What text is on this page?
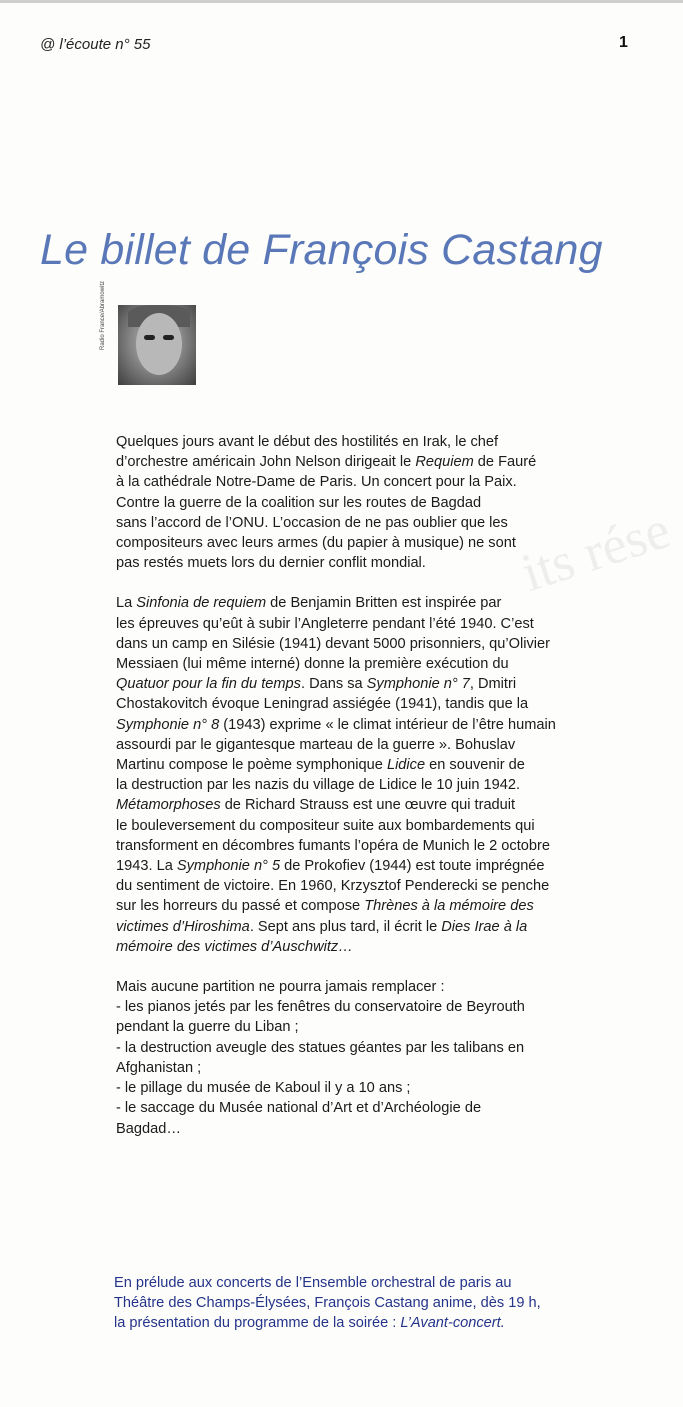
@ l’écoute n° 55	1
its rése
Le billet de François Castang
Radio France/Abramowitz

Quelques jours avant le début des hostilités en Irak, le chef
d’orchestre américain John Nelson dirigeait le Requiem de Fauré
à la cathédrale Notre-Dame de Paris. Un concert pour la Paix.
Contre la guerre de la coalition sur les routes de Bagdad
sans l’accord de l’ONU. L’occasion de ne pas oublier que les
compositeurs avec leurs armes (du papier à musique) ne sont
pas restés muets lors du dernier conflit mondial.

La Sinfonia de requiem de Benjamin Britten est inspirée par
les épreuves qu’eût à subir l’Angleterre pendant l’été 1940. C’est
dans un camp en Silésie (1941) devant 5000 prisonniers, qu’Olivier
Messiaen (lui même interné) donne la première exécution du
Quatuor pour la fin du temps. Dans sa Symphonie n° 7, Dmitri
Chostakovitch évoque Leningrad assiégée (1941), tandis que la
Symphonie n° 8 (1943) exprime « le climat intérieur de l’être humain
assourdi par le gigantesque marteau de la guerre ». Bohuslav
Martinu compose le poème symphonique Lidice en souvenir de
la destruction par les nazis du village de Lidice le 10 juin 1942.
Métamorphoses de Richard Strauss est une œuvre qui traduit
le bouleversement du compositeur suite aux bombardements qui
transforment en décombres fumants l’opéra de Munich le 2 octobre
1943. La Symphonie n° 5 de Prokofiev (1944) est toute imprégnée
du sentiment de victoire. En 1960, Krzysztof Penderecki se penche
sur les horreurs du passé et compose Thrènes à la mémoire des
victimes d’Hiroshima. Sept ans plus tard, il écrit le Dies Irae à la
mémoire des victimes d’Auschwitz…

Mais aucune partition ne pourra jamais remplacer :
- les pianos jetés par les fenêtres du conservatoire de Beyrouth
pendant la guerre du Liban ;
- la destruction aveugle des statues géantes par les talibans en
Afghanistan ;
- le pillage du musée de Kaboul il y a 10 ans ;
- le saccage du Musée national d’Art et d’Archéologie de
Bagdad…

En prélude aux concerts de l’Ensemble orchestral de paris au
Théâtre des Champs-Élysées, François Castang anime, dès 19 h,
la présentation du programme de la soirée : L’Avant-concert.
